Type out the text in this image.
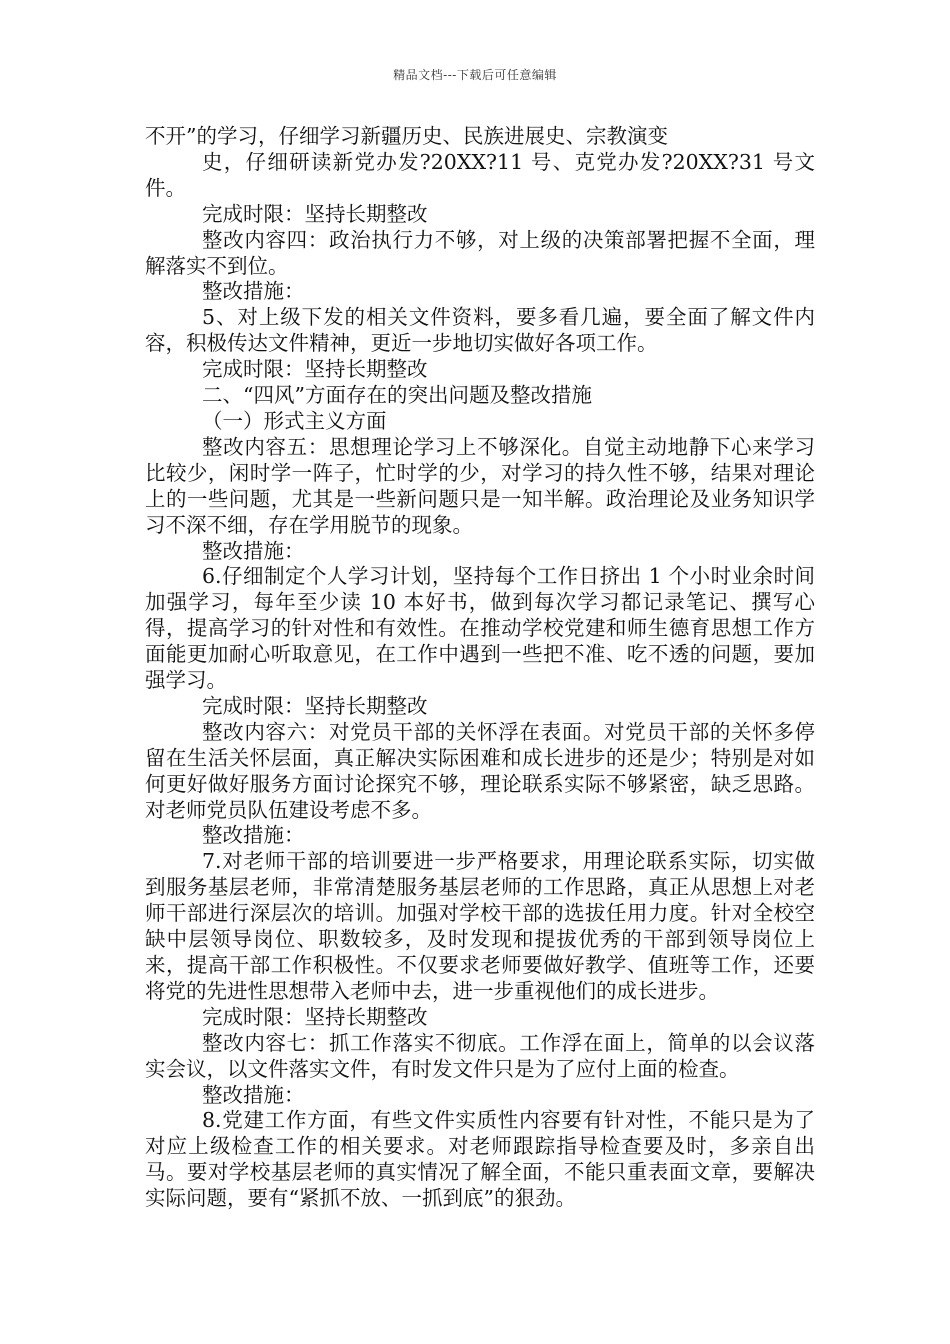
精品文档---下载后可任意编辑

不开”的学习，仔细学习新疆历史、民族进展史、宗教演变

史，仔细研读新党办发?20XX?11 号、克党办发?20XX?31 号文件。

完成时限：坚持长期整改

整改内容四：政治执行力不够，对上级的决策部署把握不全面，理解落实不到位。

整改措施：

5、对上级下发的相关文件资料，要多看几遍，要全面了解文件内容，积极传达文件精神，更近一步地切实做好各项工作。

完成时限：坚持长期整改

二、“四风”方面存在的突出问题及整改措施

（一）形式主义方面

整改内容五：思想理论学习上不够深化。自觉主动地静下心来学习比较少，闲时学一阵子，忙时学的少，对学习的持久性不够，结果对理论上的一些问题，尤其是一些新问题只是一知半解。政治理论及业务知识学习不深不细，存在学用脱节的现象。

整改措施：

6.仔细制定个人学习计划，坚持每个工作日挤出 1 个小时业余时间加强学习，每年至少读 10 本好书，做到每次学习都记录笔记、撰写心得，提高学习的针对性和有效性。在推动学校党建和师生德育思想工作方面能更加耐心听取意见，在工作中遇到一些把不准、吃不透的问题，要加强学习。

完成时限：坚持长期整改

整改内容六：对党员干部的关怀浮在表面。对党员干部的关怀多停留在生活关怀层面，真正解决实际困难和成长进步的还是少；特别是对如何更好做好服务方面讨论探究不够，理论联系实际不够紧密，缺乏思路。对老师党员队伍建设考虑不多。

整改措施：

7.对老师干部的培训要进一步严格要求，用理论联系实际，切实做到服务基层老师，非常清楚服务基层老师的工作思路，真正从思想上对老师干部进行深层次的培训。加强对学校干部的选拔任用力度。针对全校空缺中层领导岗位、职数较多，及时发现和提拔优秀的干部到领导岗位上来，提高干部工作积极性。不仅要求老师要做好教学、值班等工作，还要将党的先进性思想带入老师中去，进一步重视他们的成长进步。

完成时限：坚持长期整改

整改内容七：抓工作落实不彻底。工作浮在面上，简单的以会议落实会议，以文件落实文件，有时发文件只是为了应付上面的检查。

整改措施：

8.党建工作方面，有些文件实质性内容要有针对性，不能只是为了对应上级检查工作的相关要求。对老师跟踪指导检查要及时，多亲自出马。要对学校基层老师的真实情况了解全面，不能只重表面文章，要解决实际问题，要有“紧抓不放、一抓到底”的狠劲。
